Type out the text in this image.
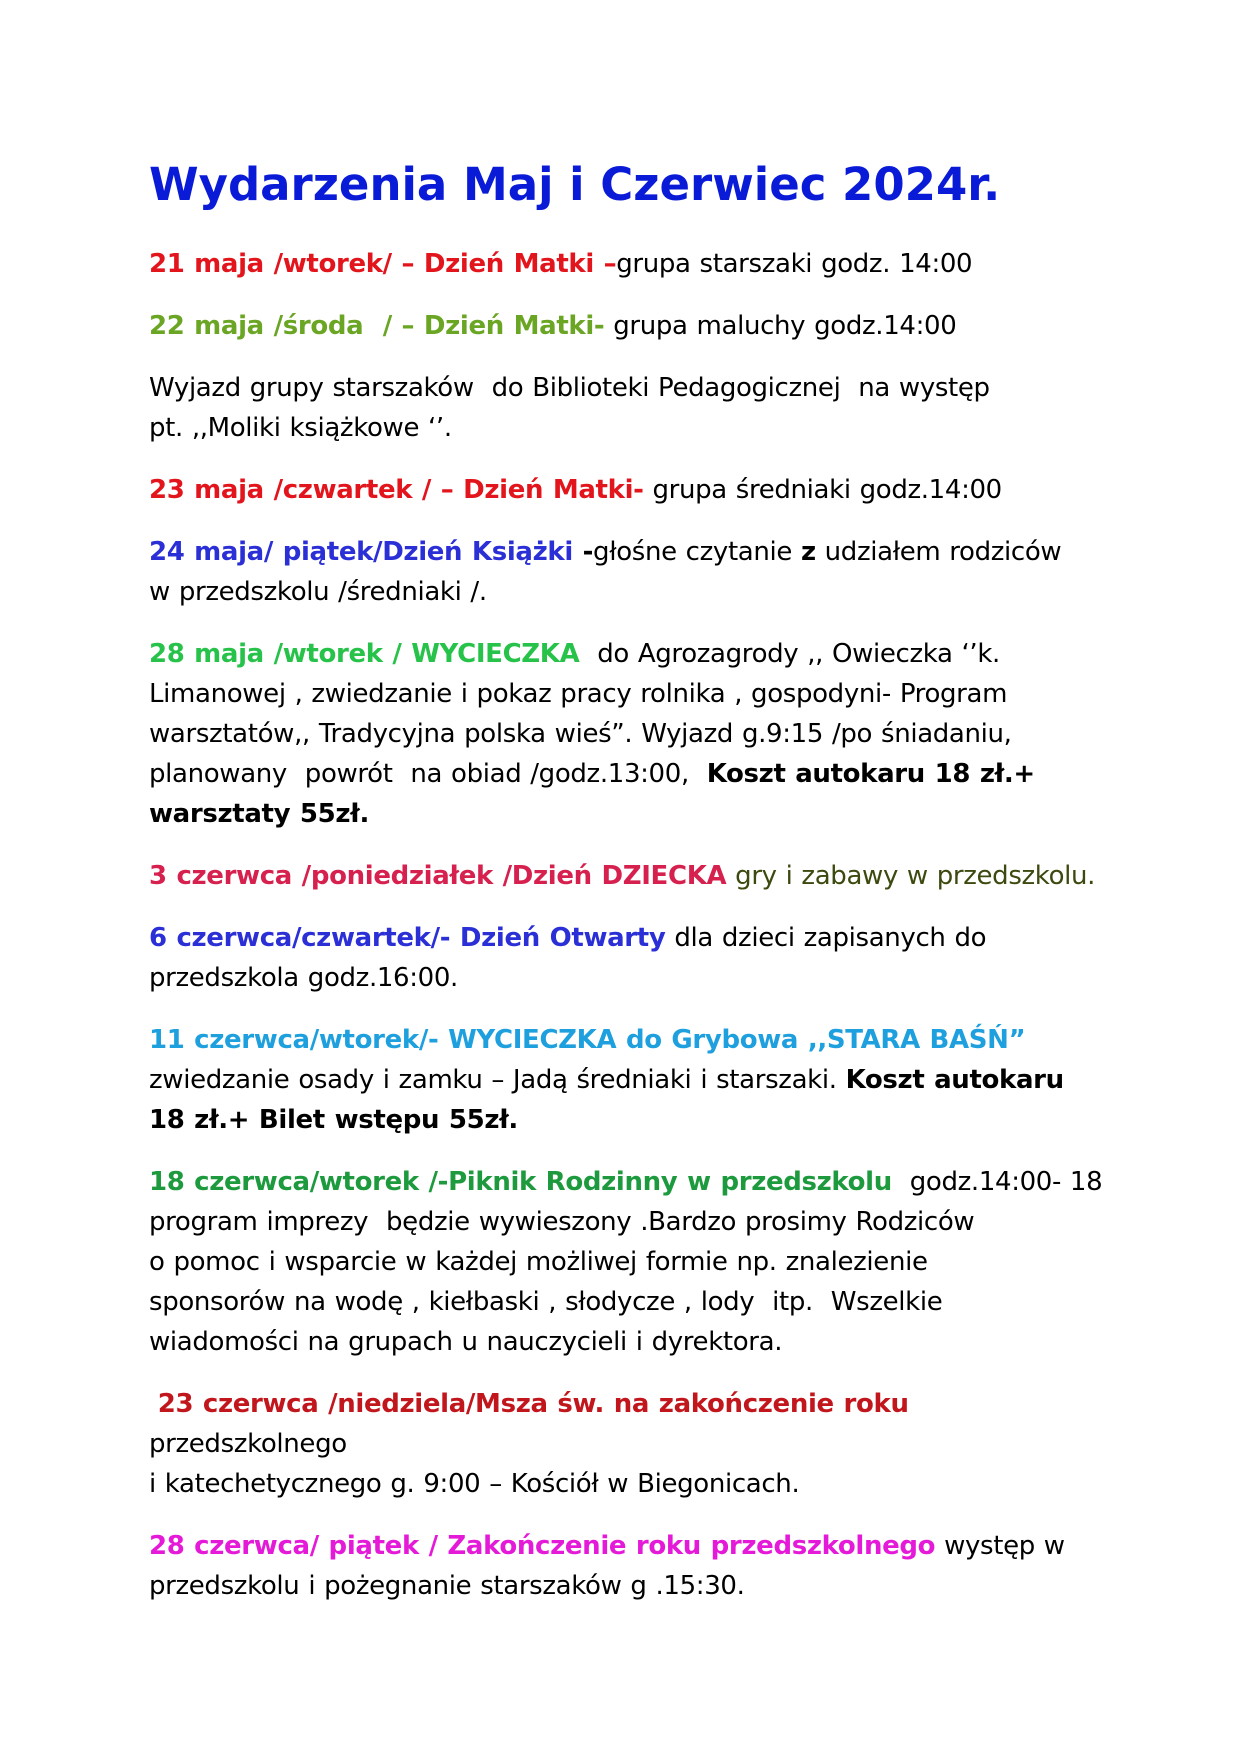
Wydarzenia Maj i Czerwiec 2024r.
21 maja /wtorek/ – Dzień Matki –grupa starszaki godz. 14:00
22 maja /środa  / – Dzień Matki- grupa maluchy godz.14:00
Wyjazd grupy starszaków  do Biblioteki Pedagogicznej  na występ
pt. ,,Moliki książkowe ‘’.
23 maja /czwartek / – Dzień Matki- grupa średniaki godz.14:00
24 maja/ piątek/Dzień Książki -głośne czytanie z udziałem rodziców
w przedszkolu /średniaki /.
28 maja /wtorek / WYCIECZKA  do Agrozagrody ,, Owieczka ‘’k.
Limanowej , zwiedzanie i pokaz pracy rolnika , gospodyni- Program
warsztatów,, Tradycyjna polska wieś”. Wyjazd g.9:15 /po śniadaniu,
planowany  powrót  na obiad /godz.13:00,  Koszt autokaru 18 zł.+
warsztaty 55zł.
3 czerwca /poniedziałek /Dzień DZIECKA gry i zabawy w przedszkolu.
6 czerwca/czwartek/- Dzień Otwarty dla dzieci zapisanych do
przedszkola godz.16:00.
11 czerwca/wtorek/- WYCIECZKA do Grybowa ,,STARA BAŚŃ”
zwiedzanie osady i zamku – Jadą średniaki i starszaki. Koszt autokaru
18 zł.+ Bilet wstępu 55zł.
18 czerwca/wtorek /-Piknik Rodzinny w przedszkolu  godz.14:00- 18
program imprezy  będzie wywieszony .Bardzo prosimy Rodziców
o pomoc i wsparcie w każdej możliwej formie np. znalezienie
sponsorów na wodę , kiełbaski , słodycze , lody  itp.  Wszelkie
wiadomości na grupach u nauczycieli i dyrektora.
23 czerwca /niedziela/Msza św. na zakończenie roku przedszkolnego
i katechetycznego g. 9:00 – Kościół w Biegonicach.
28 czerwca/ piątek / Zakończenie roku przedszkolnego występ w
przedszkolu i pożegnanie starszaków g .15:30.
